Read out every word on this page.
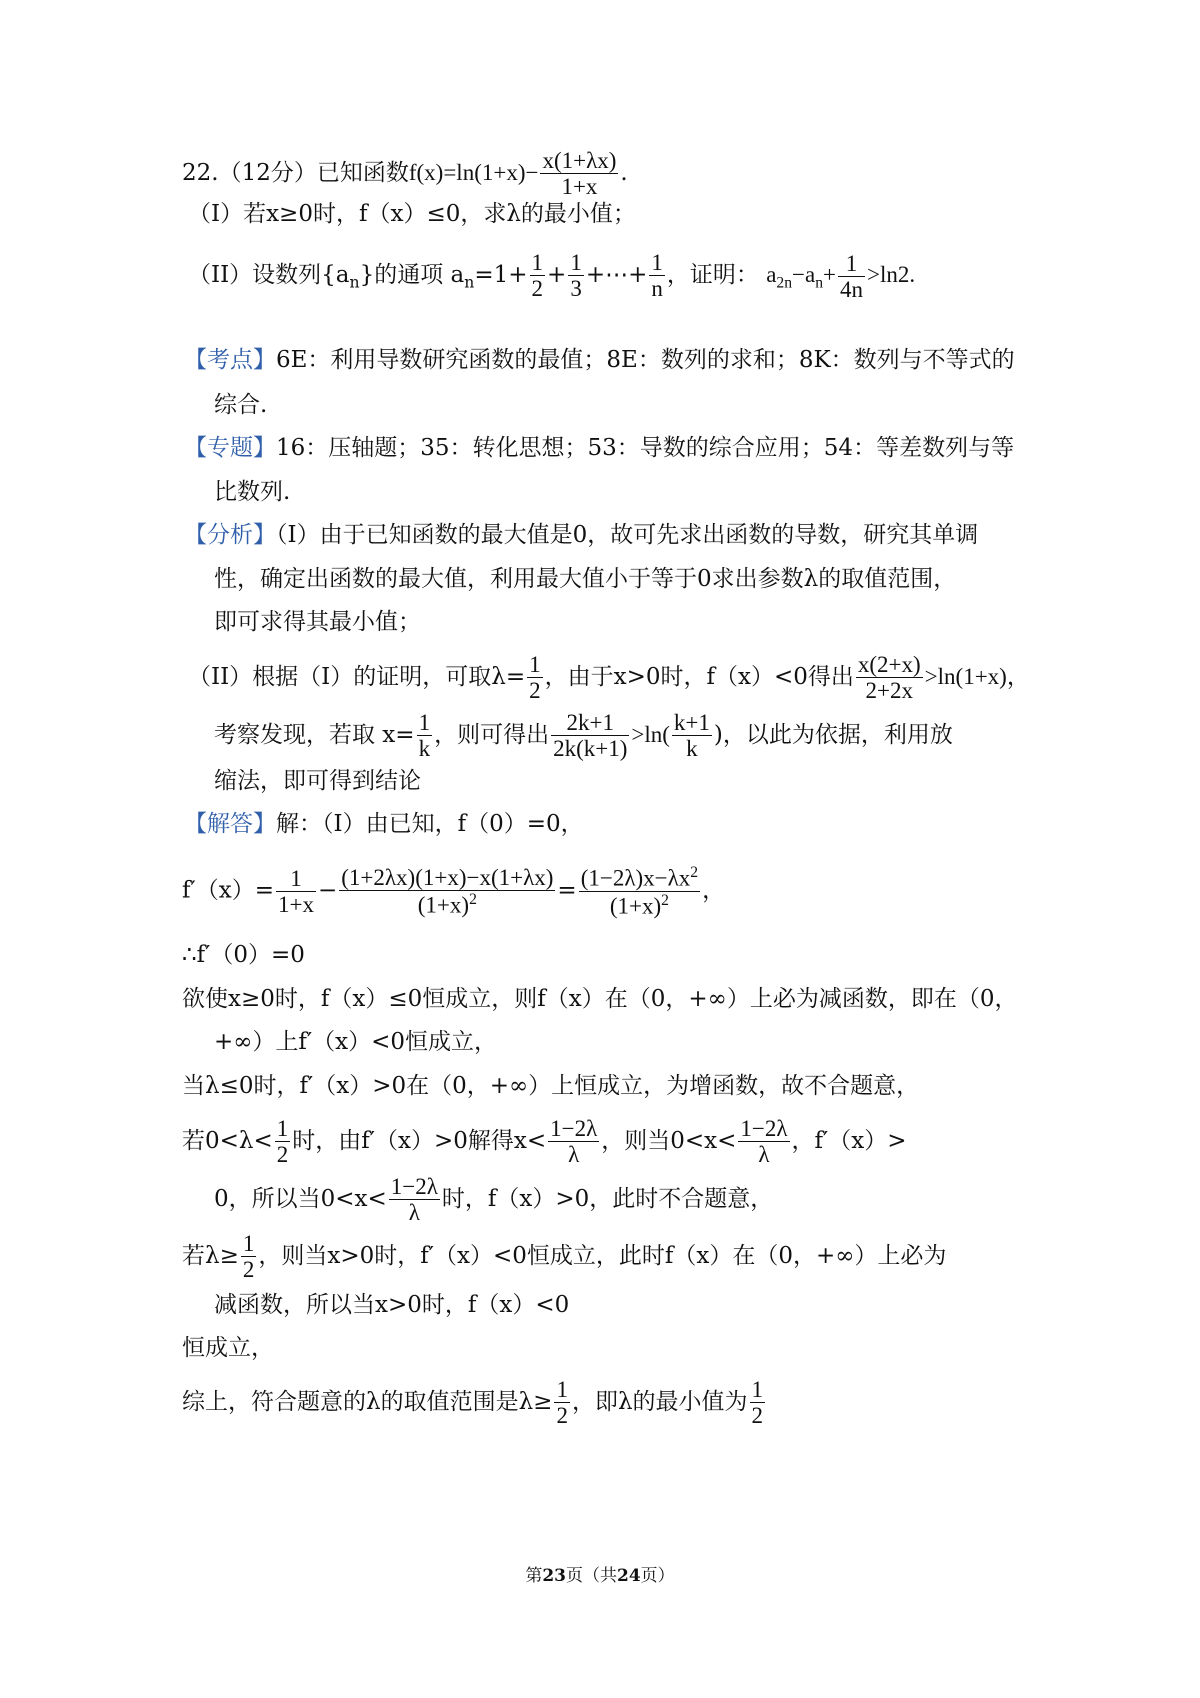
22.（12分）已知函数$f(x)=\ln(1+x)- \frac{x(1+\lambda x)}{1+x}$ .
（I）若x≥0时，f（x）≤0，求λ的最小值；
（II）设数列$\{a_n\}$的通项 $a_n=1+ \frac{1}{2} + \frac{1}{3}$ +⋯+ $\frac{1}{n}$ ，证明： $a_{2n}-a_n+ \frac{1}{4n} >\ln 2$.
【考点】6E：利用导数研究函数的最值；8E：数列的求和；8K：数列与不等式的
综合.
【专题】16：压轴题；35：转化思想；53：导数的综合应用；54：等差数列与等
比数列.
【分析】（I）由于已知函数的最大值是0，故可先求出函数的导数，研究其单调
性，确定出函数的最大值，利用最大值小于等于0求出参数λ的取值范围，
即可求得其最小值；
（II）根据（I）的证明，可取$\lambda= \frac{1}{2}$ ，由于x>0时，f（x）<0得出 $\frac{x(2+x)}{2+2x} >\ln(1+x)$，
考察发现，若取 $x= \frac{1}{k}$ ，则可得出 $\frac{2k+1}{2k(k+1)} >\ln( \frac{k+1}{k}$ )，以此为依据，利用放
缩法，即可得到结论
【解答】解：（I）由已知，f（0）=0，
$f'(x)= \frac{1}{1+x} - \frac{(1+2\lambda x)(1+x)-x(1+\lambda x)}{(1+x)^2} = \frac{(1-2\lambda)x-\lambda x^2}{(1+x)^2}$ ，
∴f′（0）=0
欲使x≥0时，f（x）≤0恒成立，则f（x）在（0，+∞）上必为减函数，即在（0，
+∞）上f′（x）<0恒成立，
当λ≤0时，f′（x）>0在（0，+∞）上恒成立，为增函数，故不合题意，
若$0<\lambda< \frac{1}{2}$ 时，由f′（x）>0解得$x< \frac{1-2\lambda}{\lambda}$ ，则当$0<x< \frac{1-2\lambda}{\lambda}$ ，f′（x）>
0，所以当$0<x< \frac{1-2\lambda}{\lambda}$ 时，f（x）>0，此时不合题意，
若$\lambda\ge \frac{1}{2}$ ，则当x>0时，f′（x）<0恒成立，此时f（x）在（0，+∞）上必为
减函数，所以当x>0时，f（x）<0
恒成立，
综上，符合题意的λ的取值范围是$\lambda\ge \frac{1}{2}$ ，即λ的最小值为 $\frac{1}{2}$
第23页（共24页）
